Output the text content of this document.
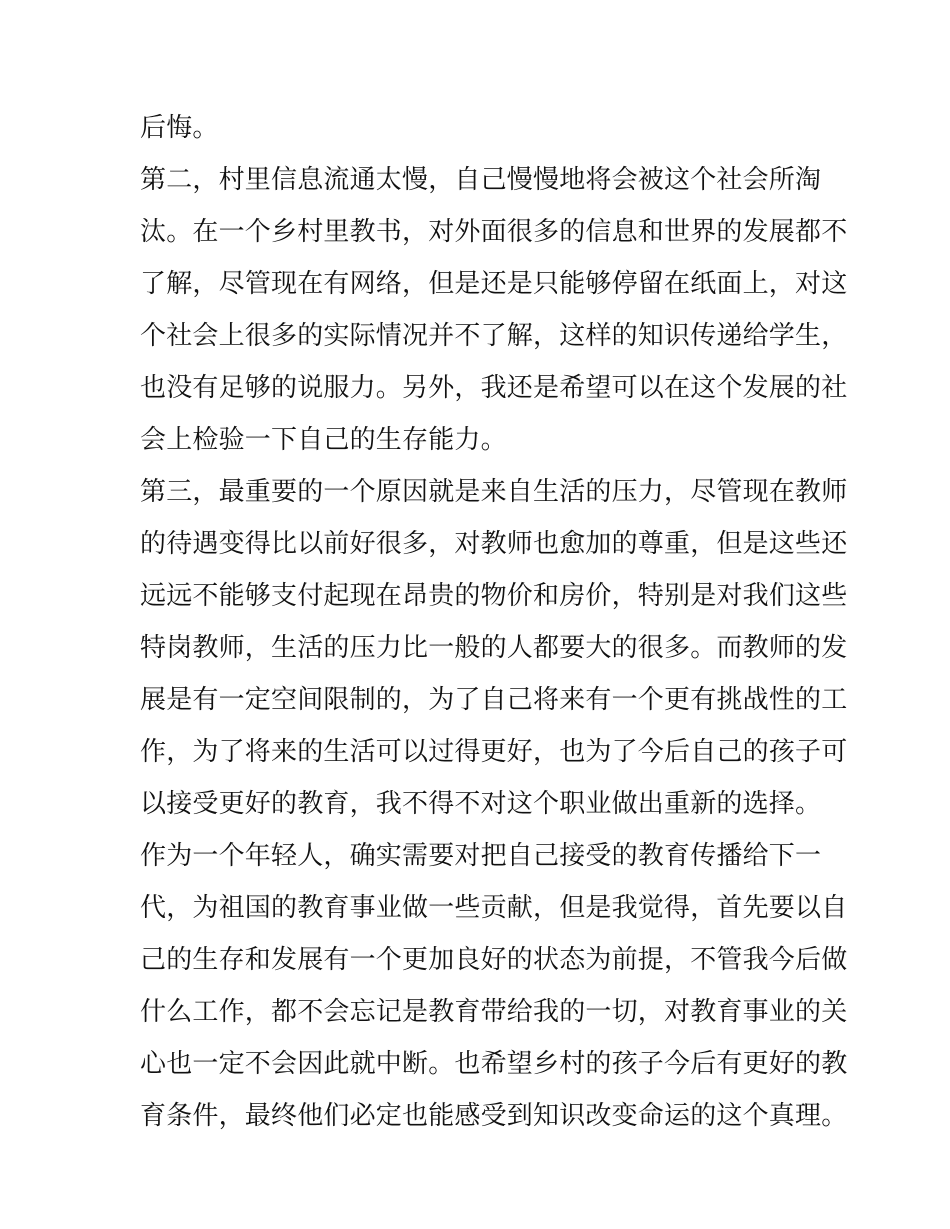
后悔。

第二，村里信息流通太慢，自己慢慢地将会被这个社会所淘

汰。在一个乡村里教书，对外面很多的信息和世界的发展都不

了解，尽管现在有网络，但是还是只能够停留在纸面上，对这

个社会上很多的实际情况并不了解，这样的知识传递给学生，

也没有足够的说服力。另外，我还是希望可以在这个发展的社

会上检验一下自己的生存能力。

第三，最重要的一个原因就是来自生活的压力，尽管现在教师

的待遇变得比以前好很多，对教师也愈加的尊重，但是这些还

远远不能够支付起现在昂贵的物价和房价，特别是对我们这些

特岗教师，生活的压力比一般的人都要大的很多。而教师的发

展是有一定空间限制的，为了自己将来有一个更有挑战性的工

作，为了将来的生活可以过得更好，也为了今后自己的孩子可

以接受更好的教育，我不得不对这个职业做出重新的选择。

作为一个年轻人，确实需要对把自己接受的教育传播给下一

代，为祖国的教育事业做一些贡献，但是我觉得，首先要以自

己的生存和发展有一个更加良好的状态为前提，不管我今后做

什么工作，都不会忘记是教育带给我的一切，对教育事业的关

心也一定不会因此就中断。也希望乡村的孩子今后有更好的教

育条件，最终他们必定也能感受到知识改变命运的这个真理。
